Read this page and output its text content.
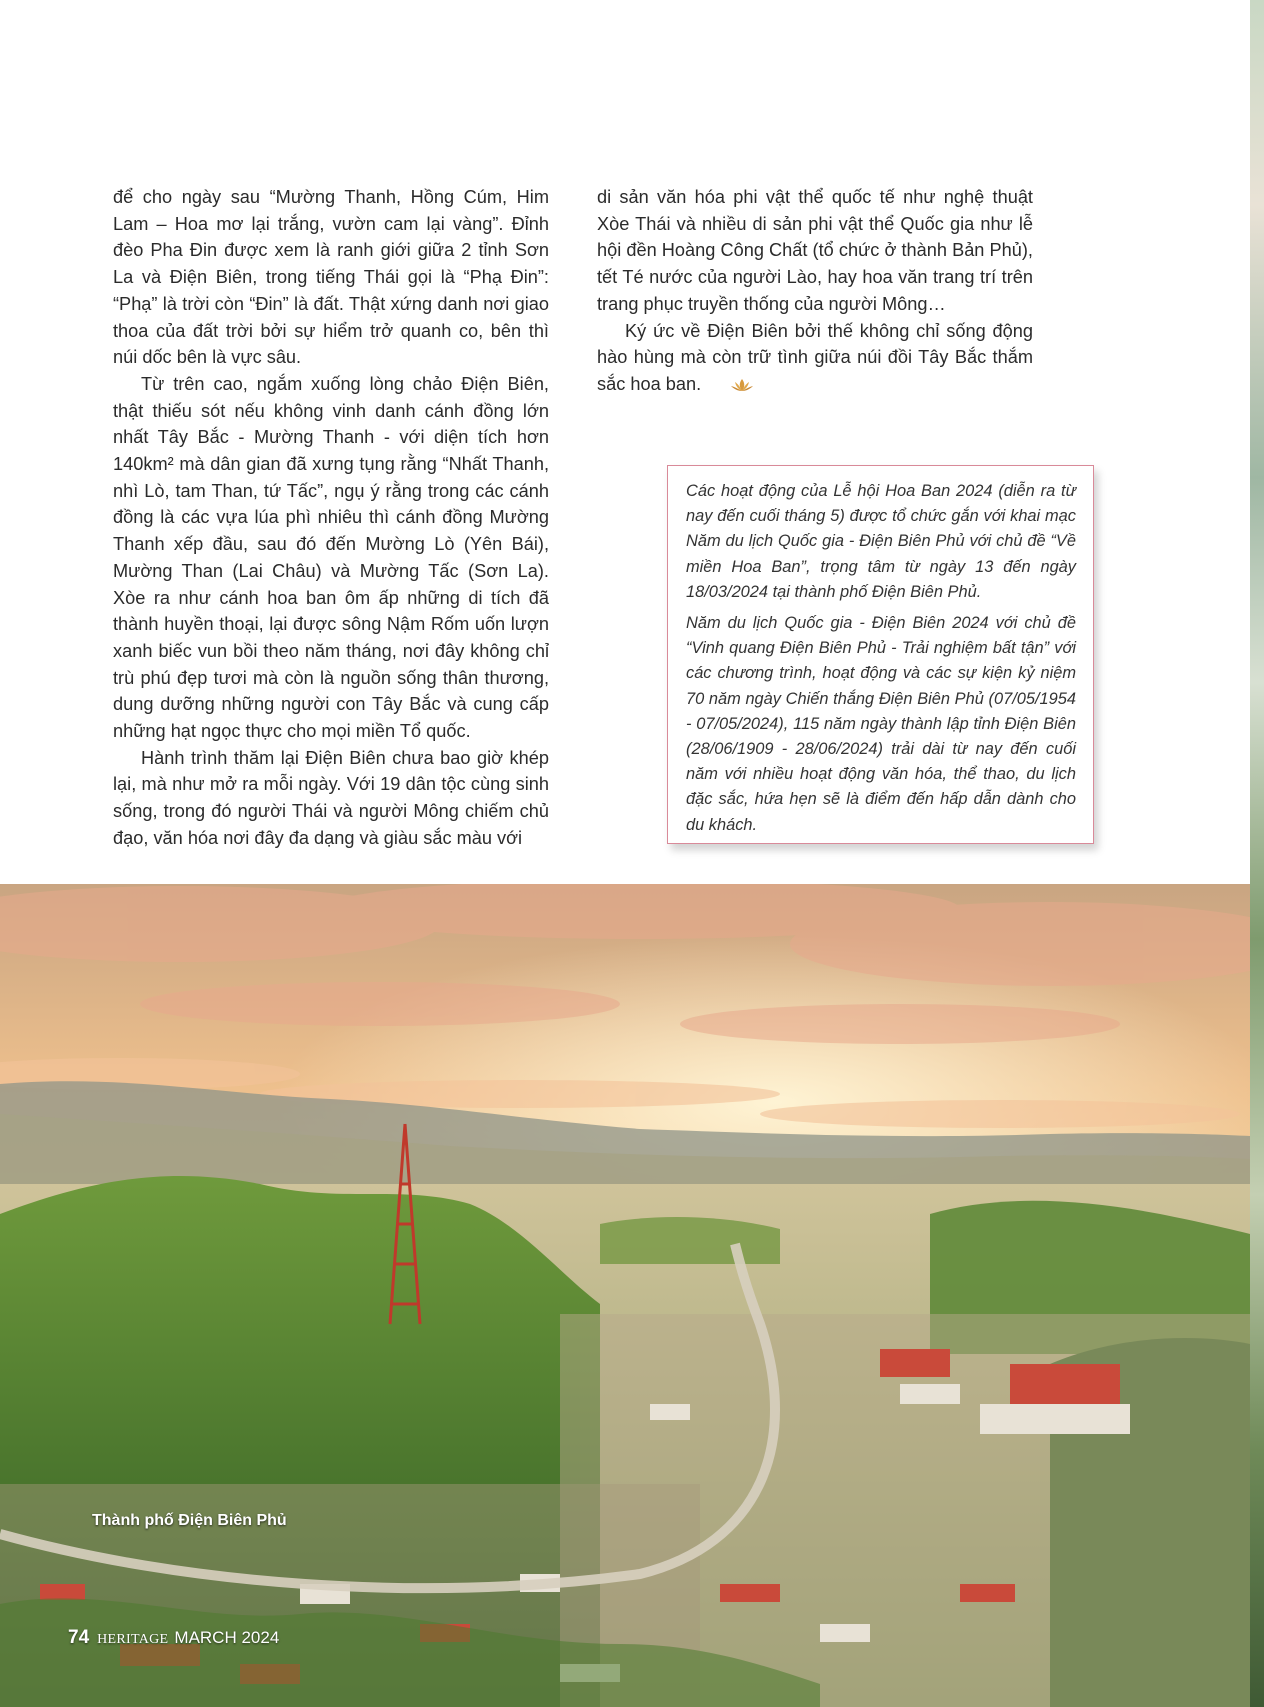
để cho ngày sau “Mường Thanh, Hồng Cúm, Him Lam – Hoa mơ lại trắng, vườn cam lại vàng”. Đỉnh đèo Pha Đin được xem là ranh giới giữa 2 tỉnh Sơn La và Điện Biên, trong tiếng Thái gọi là “Phạ Đin”: “Phạ” là trời còn “Đin” là đất. Thật xứng danh nơi giao thoa của đất trời bởi sự hiểm trở quanh co, bên thì núi dốc bên là vực sâu.

Từ trên cao, ngắm xuống lòng chảo Điện Biên, thật thiếu sót nếu không vinh danh cánh đồng lớn nhất Tây Bắc - Mường Thanh - với diện tích hơn 140km² mà dân gian đã xưng tụng rằng “Nhất Thanh, nhì Lò, tam Than, tứ Tấc”, ngụ ý rằng trong các cánh đồng là các vựa lúa phì nhiêu thì cánh đồng Mường Thanh xếp đầu, sau đó đến Mường Lò (Yên Bái), Mường Than (Lai Châu) và Mường Tấc (Sơn La). Xòe ra như cánh hoa ban ôm ấp những di tích đã thành huyền thoại, lại được sông Nậm Rốm uốn lượn xanh biếc vun bồi theo năm tháng, nơi đây không chỉ trù phú đẹp tươi mà còn là nguồn sống thân thương, dung dưỡng những người con Tây Bắc và cung cấp những hạt ngọc thực cho mọi miền Tổ quốc.

Hành trình thăm lại Điện Biên chưa bao giờ khép lại, mà như mở ra mỗi ngày. Với 19 dân tộc cùng sinh sống, trong đó người Thái và người Mông chiếm chủ đạo, văn hóa nơi đây đa dạng và giàu sắc màu với

di sản văn hóa phi vật thể quốc tế như nghệ thuật Xòe Thái và nhiều di sản phi vật thể Quốc gia như lễ hội đền Hoàng Công Chất (tổ chức ở thành Bản Phủ), tết Té nước của người Lào, hay hoa văn trang trí trên trang phục truyền thống của người Mông…

Ký ức về Điện Biên bởi thế không chỉ sống động hào hùng mà còn trữ tình giữa núi đồi Tây Bắc thắm sắc hoa ban.

Các hoạt động của Lễ hội Hoa Ban 2024 (diễn ra từ nay đến cuối tháng 5) được tổ chức gắn với khai mạc Năm du lịch Quốc gia - Điện Biên Phủ với chủ đề “Về miền Hoa Ban”, trọng tâm từ ngày 13 đến ngày 18/03/2024 tại thành phố Điện Biên Phủ.

Năm du lịch Quốc gia - Điện Biên 2024 với chủ đề “Vinh quang Điện Biên Phủ - Trải nghiệm bất tận” với các chương trình, hoạt động và các sự kiện kỷ niệm 70 năm ngày Chiến thắng Điện Biên Phủ (07/05/1954 - 07/05/2024), 115 năm ngày thành lập tỉnh Điện Biên (28/06/1909 - 28/06/2024) trải dài từ nay đến cuối năm với nhiều hoạt động văn hóa, thể thao, du lịch đặc sắc, hứa hẹn sẽ là điểm đến hấp dẫn dành cho du khách.

Thành phố Điện Biên Phủ
74 HERITAGE MARCH 2024
